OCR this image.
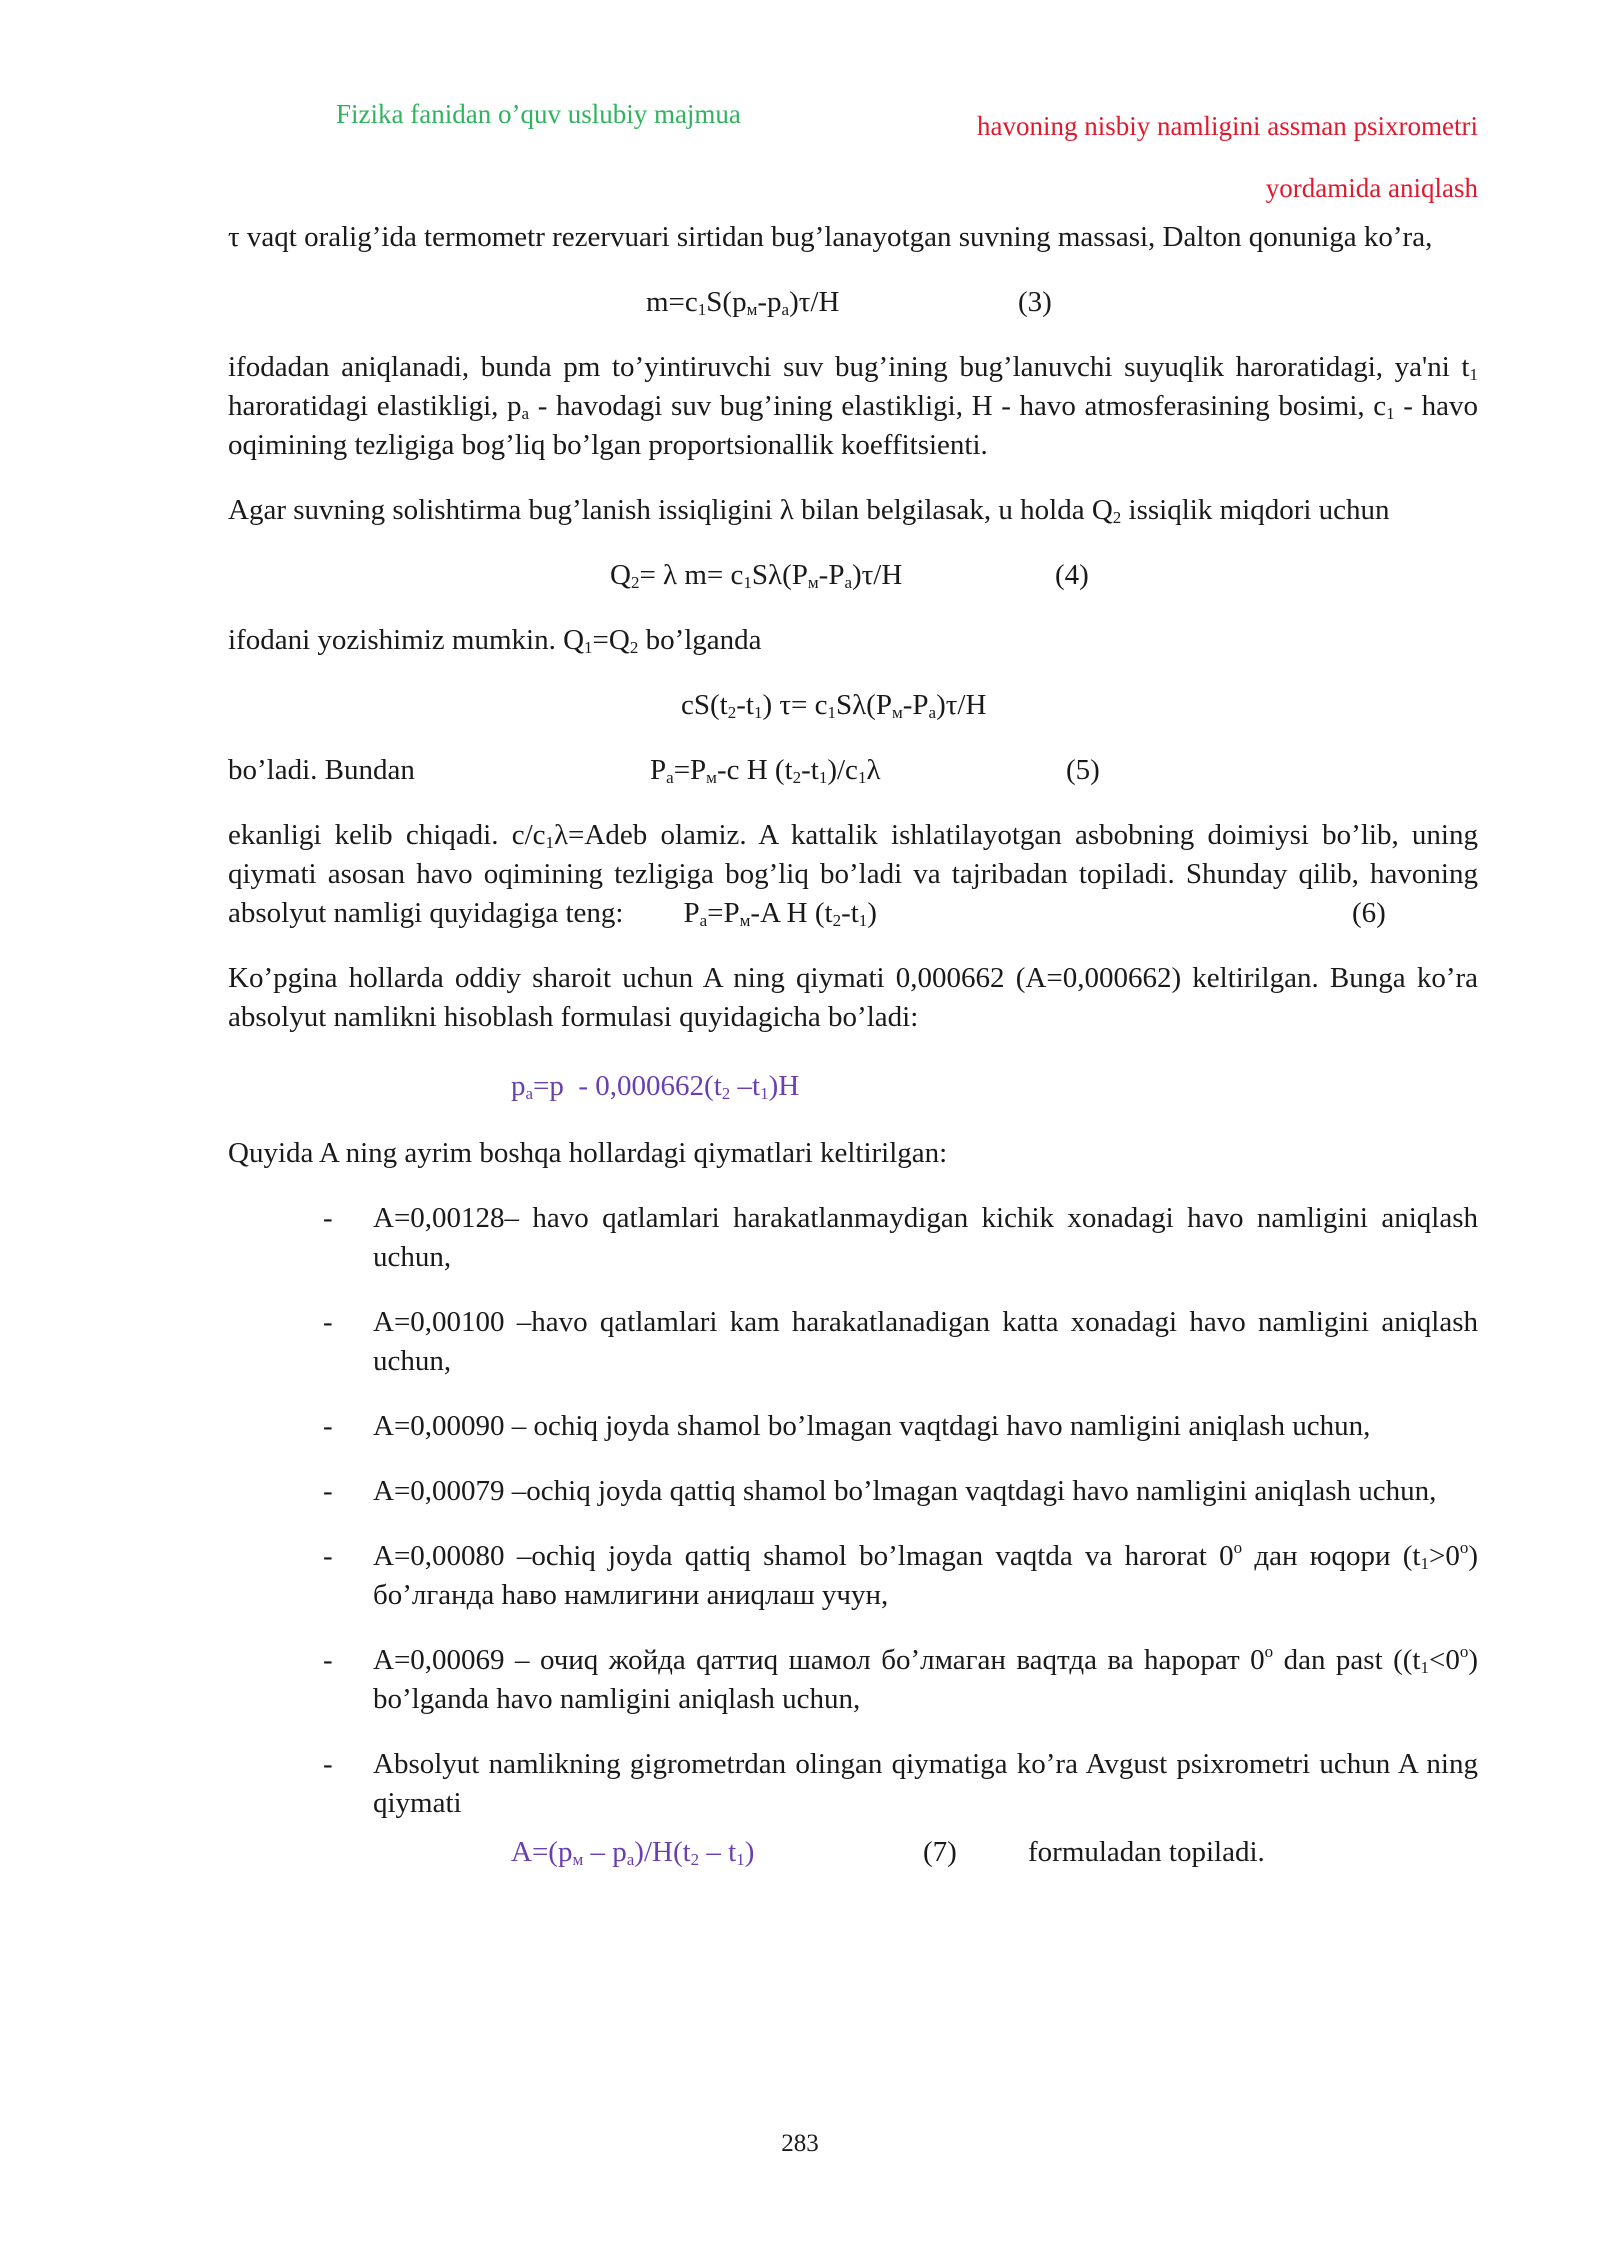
Fizika fanidan o’quv uslubiy majmua	havoning nisbiy namligini assman psixrometri
yordamida aniqlash

τ vaqt oralig’ida termometr rezervuari sirtidan bug’lanayotgan suvning massasi, Dalton qonuniga ko’ra,

$m=c_1S(p_м-p_а)\tau/H$	(3)

ifodadan aniqlanadi, bunda pm to’yintiruvchi suv bug’ining bug’lanuvchi suyuqlik haroratidagi, ya'ni $t_1$ haroratidagi elastikligi, $p_а$ - havodagi suv bug’ining elastikligi, H - havo atmosferasining bosimi, $c_1$ - havo oqimining tezligiga bog’liq bo’lgan proportsionallik koeffitsienti.

Agar suvning solishtirma bug’lanish issiqligini λ bilan belgilasak, u holda $Q_2$ issiqlik miqdori uchun

$Q_2= \lambda$ $m= c_1S\lambda(P_м-P_а)\tau/H$	(4)

ifodani yozishimiz mumkin. $Q_1=Q_2$ bo’lganda

$cS(t_2-t_1)$ $\tau= c_1S\lambda(P_м-P_а)\tau/H$
bo’ladi. Bundan	$P_а=P_м-c$ H $(t_2-t_1)/c_1\lambda$	(5)

ekanligi kelib chiqadi. $c/c_1\lambda=Adeb$ olamiz. A kattalik ishlatilayotgan asbobning doimiysi bo’lib, uning qiymati asosan havo oqimining tezligiga bog’liq bo’ladi va tajribadan topiladi. Shunday qilib, havoning absolyut namligi quyidagiga teng: $P_а=P_м-A$ H $(t_2-t_1)$	(6)

Ko’pgina hollarda oddiy sharoit uchun A ning qiymati 0,000662 (A=0,000662) keltirilgan. Bunga ko’ra absolyut namlikni hisoblash formulasi quyidagicha bo’ladi:

$p_а=p - 0,000662(t_2$ $-t_1)H$

Quyida A ning ayrim boshqa hollardagi qiymatlari keltirilgan:

- A=0,00128– havo qatlamlari harakatlanmaydigan kichik xonadagi havo namligini aniqlash uchun,
- A=0,00100 –havo qatlamlari kam harakatlanadigan katta xonadagi havo namligini aniqlash uchun,
- A=0,00090 – ochiq joyda shamol bo’lmagan vaqtdagi havo namligini aniqlash uchun,
- A=0,00079 –ochiq joyda qattiq shamol bo’lmagan vaqtdagi havo namligini aniqlash uchun,
- A=0,00080 –ochiq joyda qattiq shamol bo’lmagan vaqtda va harorat 0$^o$ дан юqори $(t_1>0^o)$ бо’лганда hаво намлигини аниqлаш учун,
- A=0,00069 – очиq жойда qаттиq шамол бо’лмаган ваqтда ва hарорат 0$^o$ dan past ($(t_1<0^o)$ bo’lganda havo namligini aniqlash uchun,
- Absolyut namlikning gigrometrdan olingan qiymatiga ko’ra Avgust psixrometri uchun A ning qiymati
$A=(p_м - p_а)/H(t_2 - t_1)$	(7) formuladan topiladi.
283
